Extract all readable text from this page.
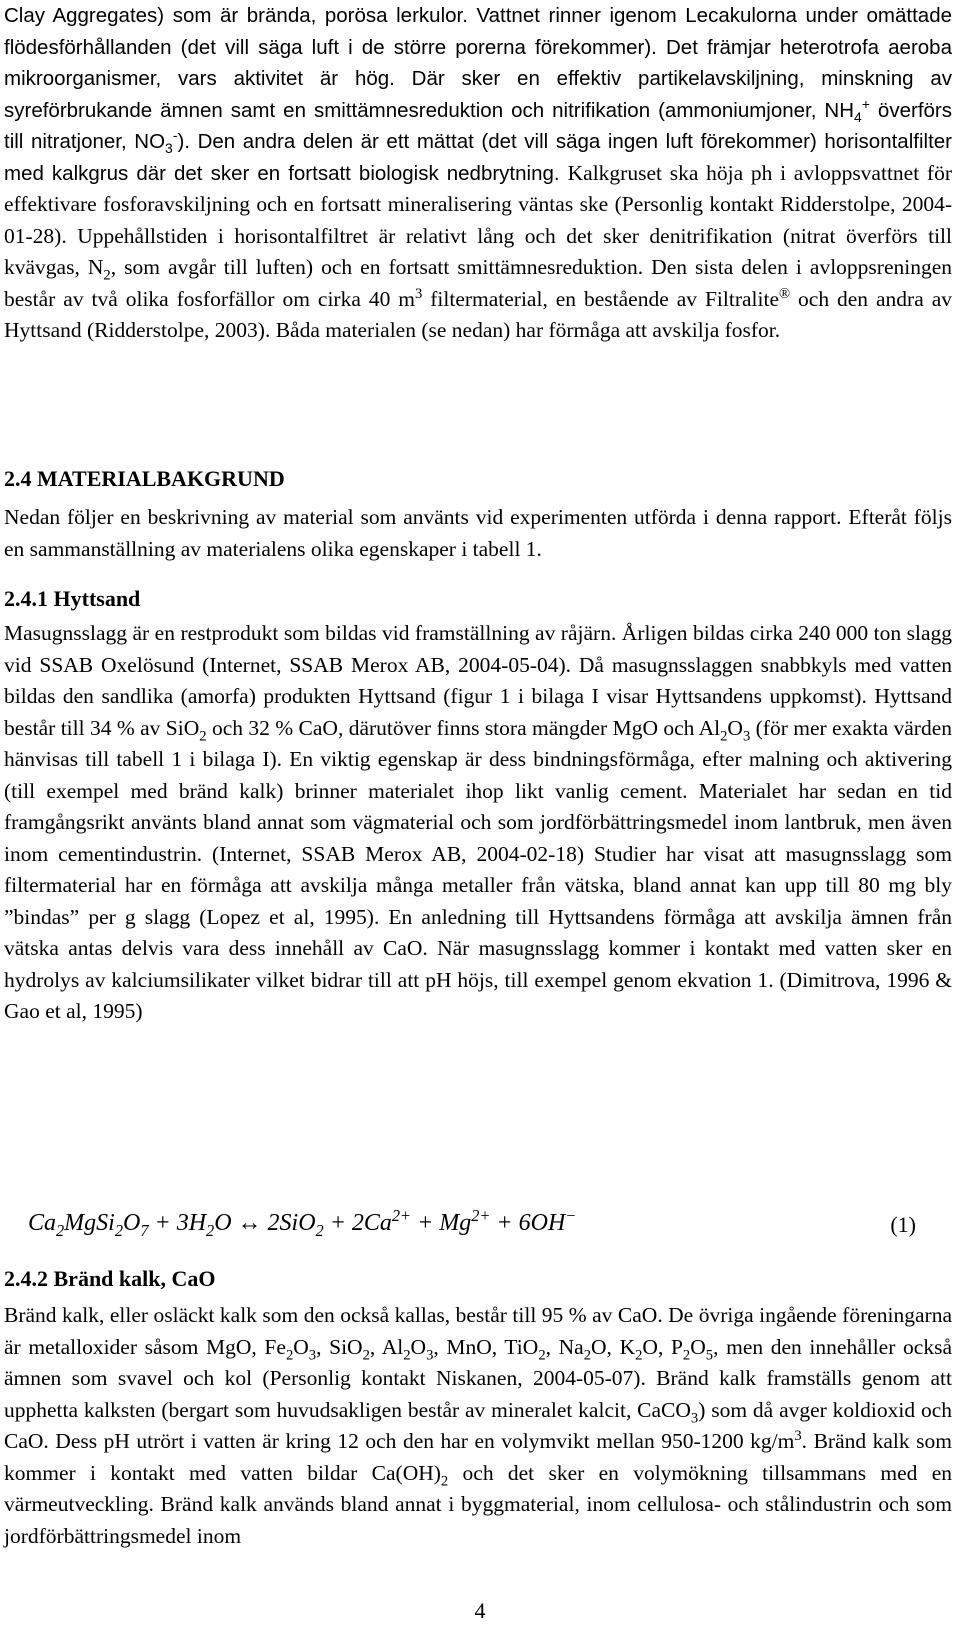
Clay Aggregates) som är brända, porösa lerkulor. Vattnet rinner igenom Lecakulorna under omättade flödesförhållanden (det vill säga luft i de större porerna förekommer). Det främjar heterotrofa aeroba mikroorganismer, vars aktivitet är hög. Där sker en effektiv partikelavskiljning, minskning av syreförbrukande ämnen samt en smittämnesreduktion och nitrifikation (ammoniumjoner, $NH_4^+$ överförs till nitratjoner, $NO_3^-$). Den andra delen är ett mättat (det vill säga ingen luft förekommer) horisontalfilter med kalkgrus där det sker en fortsatt biologisk nedbrytning. Kalkgruset ska höja ph i avloppsvattnet för effektivare fosforavskiljning och en fortsatt mineralisering väntas ske (Personlig kontakt Ridderstolpe, 2004-01-28). Uppehållstiden i horisontalfiltret är relativt lång och det sker denitrifikation (nitrat överförs till kvävgas, $N_2$, som avgår till luften) och en fortsatt smittämnesreduktion. Den sista delen i avloppsreningen består av två olika fosforfällor om cirka 40 $m^3$ filtermaterial, en bestående av Filtralite® och den andra av Hyttsand (Ridderstolpe, 2003). Båda materialen (se nedan) har förmåga att avskilja fosfor.

2.4 MATERIALBAKGRUND

Nedan följer en beskrivning av material som använts vid experimenten utförda i denna rapport. Efteråt följs en sammanställning av materialens olika egenskaper i tabell 1.

2.4.1 Hyttsand

Masugnsslagg är en restprodukt som bildas vid framställning av råjärn. Årligen bildas cirka 240 000 ton slagg vid SSAB Oxelösund (Internet, SSAB Merox AB, 2004-05-04). Då masugnsslaggen snabbkyls med vatten bildas den sandlika (amorfa) produkten Hyttsand (figur 1 i bilaga I visar Hyttsandens uppkomst). Hyttsand består till 34 % av SiO$_2$ och 32 % CaO, därutöver finns stora mängder MgO och $Al_2O_3$ (för mer exakta värden hänvisas till tabell 1 i bilaga I). En viktig egenskap är dess bindningsförmåga, efter malning och aktivering (till exempel med bränd kalk) brinner materialet ihop likt vanlig cement. Materialet har sedan en tid framgångsrikt använts bland annat som vägmaterial och som jordförbättringsmedel inom lantbruk, men även inom cementindustrin. (Internet, SSAB Merox AB, 2004-02-18) Studier har visat att masugnsslagg som filtermaterial har en förmåga att avskilja många metaller från vätska, bland annat kan upp till 80 mg bly ”bindas” per g slagg (Lopez et al, 1995). En anledning till Hyttsandens förmåga att avskilja ämnen från vätska antas delvis vara dess innehåll av CaO. När masugnsslagg kommer i kontakt med vatten sker en hydrolys av kalciumsilikater vilket bidrar till att pH höjs, till exempel genom ekvation 1. (Dimitrova, 1996 & Gao et al, 1995)

$Ca_2MgSi_2O_7 + 3H_2O$ ↔ $2SiO_2 + 2Ca^{2+} + Mg^{2+} + 6OH^-$	(1)
2.4.2 Bränd kalk, CaO

Bränd kalk, eller osläckt kalk som den också kallas, består till 95 % av CaO. De övriga ingående föreningarna är metalloxider såsom MgO, $Fe_2O_3$, SiO$_2$, $Al_2O_3$, MnO, TiO$_2$, $Na_2O$, $K_2O$, $P_2O_5$, men den innehåller också ämnen som svavel och kol (Personlig kontakt Niskanen, 2004-05-07). Bränd kalk framställs genom att upphetta kalksten (bergart som huvudsakligen består av mineralet kalcit, CaCO$_3$) som då avger koldioxid och CaO. Dess pH utrört i vatten är kring 12 och den har en volymvikt mellan 950-1200 $kg/m^3$. Bränd kalk som kommer i kontakt med vatten bildar $Ca(OH)_2$ och det sker en volymökning tillsammans med en värmeutveckling. Bränd kalk används bland annat i byggmaterial, inom cellulosa- och stålindustrin och som jordförbättringsmedel inom

4
